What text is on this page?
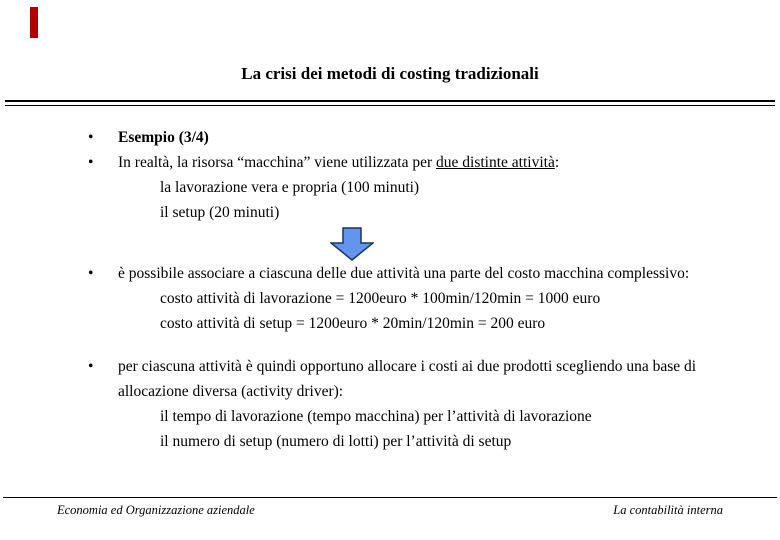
La crisi dei metodi di costing tradizionali
•	Esempio (3/4)
•	In realtà, la risorsa “macchina” viene utilizzata per due distinte attività:
la lavorazione vera e propria (100 minuti)
il setup (20 minuti)
•	è possibile associare a ciascuna delle due attività una parte del costo macchina complessivo:
costo attività di lavorazione = 1200euro * 100min/120min = 1000 euro
costo attività di setup = 1200euro * 20min/120min = 200 euro
•	per ciascuna attività è quindi opportuno allocare i costi ai due prodotti scegliendo una base di allocazione diversa (activity driver):
il tempo di lavorazione (tempo macchina) per l’attività di lavorazione
il numero di setup (numero di lotti) per l’attività di setup
Economia ed Organizzazione aziendale	La contabilità interna
